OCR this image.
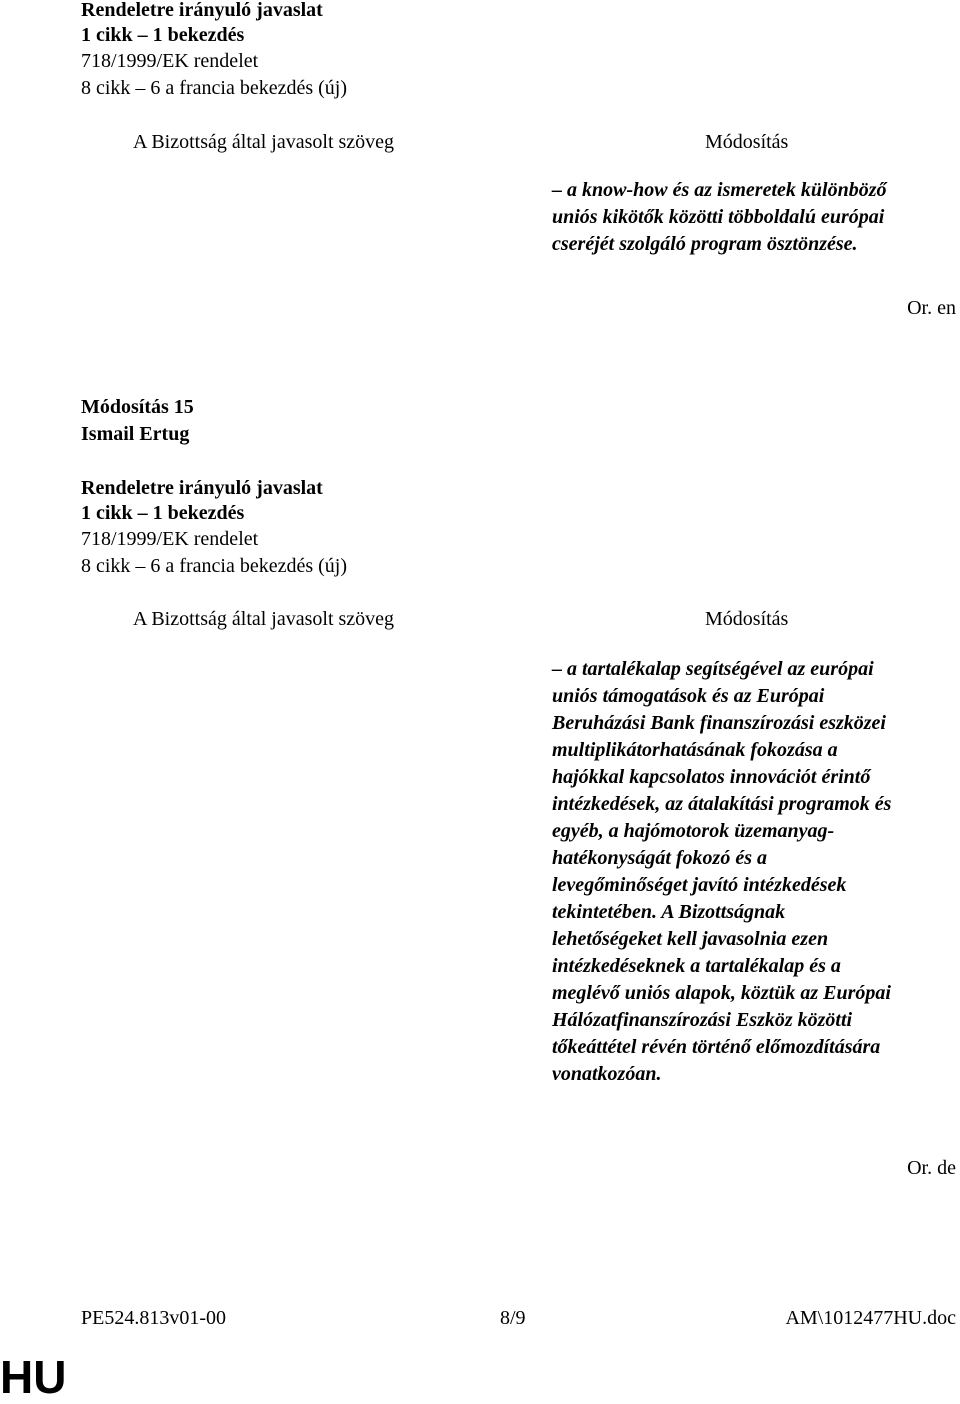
Rendeletre irányuló javaslat
1 cikk – 1 bekezdés
718/1999/EK rendelet
8 cikk – 6 a francia bekezdés (új)
A Bizottság által javasolt szöveg	Módosítás
– a know-how és az ismeretek különböző
uniós kikötők közötti többoldalú európai
cseréjét szolgáló program ösztönzése.
Or. en
Módosítás 15
Ismail Ertug
Rendeletre irányuló javaslat
1 cikk – 1 bekezdés
718/1999/EK rendelet
8 cikk – 6 a francia bekezdés (új)
A Bizottság által javasolt szöveg	Módosítás
– a tartalékalap segítségével az európai
uniós támogatások és az Európai
Beruházási Bank finanszírozási eszközei
multiplikátorhatásának fokozása a
hajókkal kapcsolatos innovációt érintő
intézkedések, az átalakítási programok és
egyéb, a hajómotorok üzemanyag-
hatékonyságát fokozó és a
levegőminőséget javító intézkedések
tekintetében. A Bizottságnak
lehetőségeket kell javasolnia ezen
intézkedéseknek a tartalékalap és a
meglévő uniós alapok, köztük az Európai
Hálózatfinanszírozási Eszköz közötti
tőkeáttétel révén történő előmozdítására
vonatkozóan.
Or. de
PE524.813v01-00	8/9	AM\1012477HU.doc
HU
